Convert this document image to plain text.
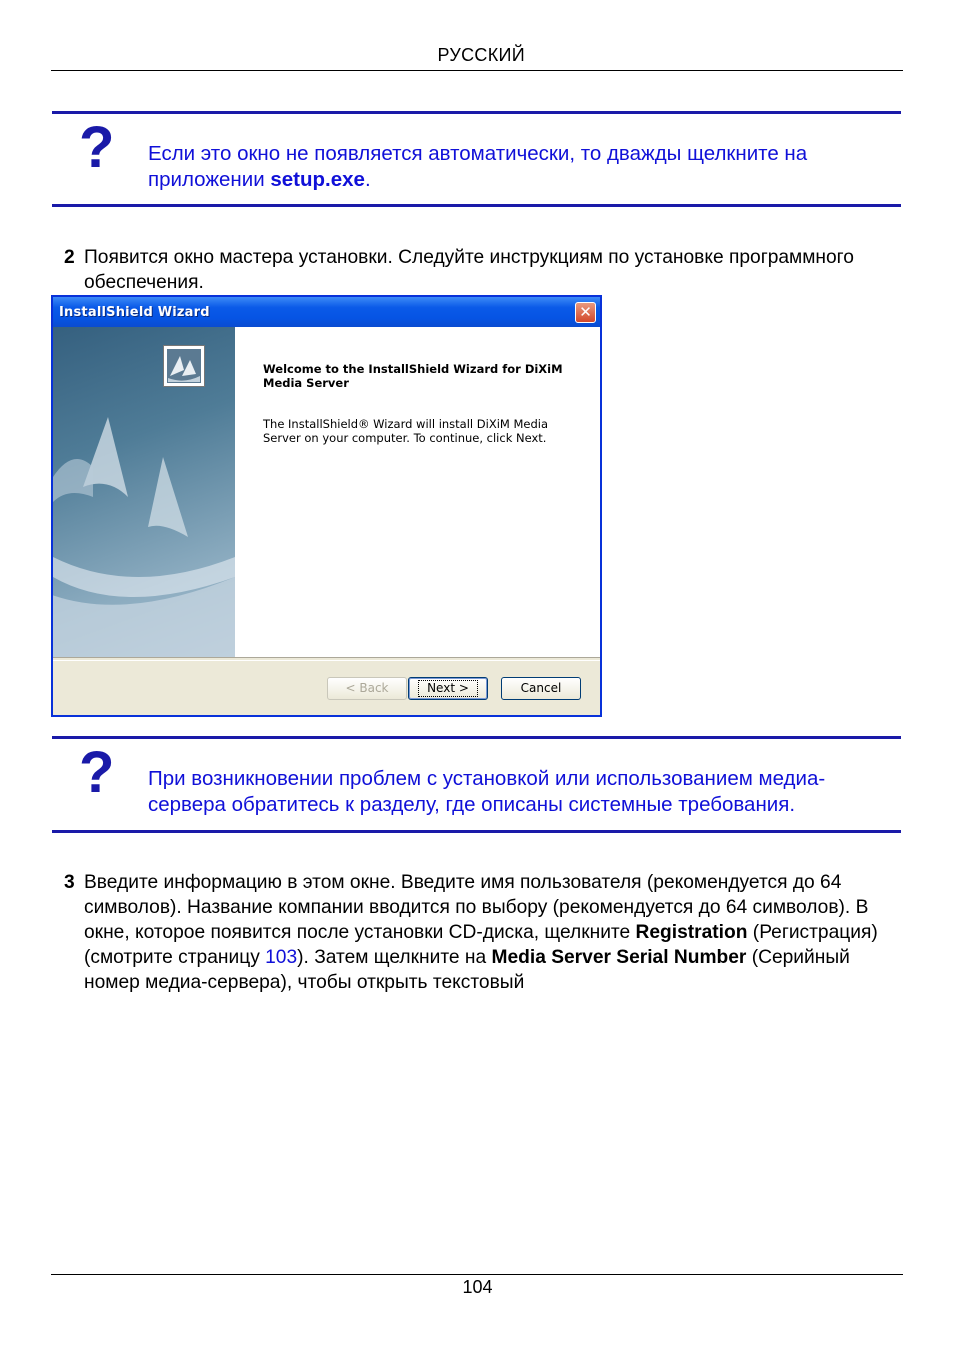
РУССКИЙ
? Если это окно не появляется автоматически, то дважды щелкните на приложении setup.exe.
2 Появится окно мастера установки. Следуйте инструкциям по установке программного обеспечения.
InstallShield Wizard	✕
Welcome to the InstallShield Wizard for DiXiM Media Server
The InstallShield® Wizard will install DiXiM Media Server on your computer. To continue, click Next.
< Back	Next >	Cancel
? При возникновении проблем с установкой или использованием медиа-сервера обратитесь к разделу, где описаны системные требования.
3 Введите информацию в этом окне. Введите имя пользователя (рекомендуется до 64 символов). Название компании вводится по выбору (рекомендуется до 64 символов). В окне, которое появится после установки CD-диска, щелкните Registration (Регистрация) (смотрите страницу 103). Затем щелкните на Media Server Serial Number (Серийный номер медиа-сервера), чтобы открыть текстовый
104
